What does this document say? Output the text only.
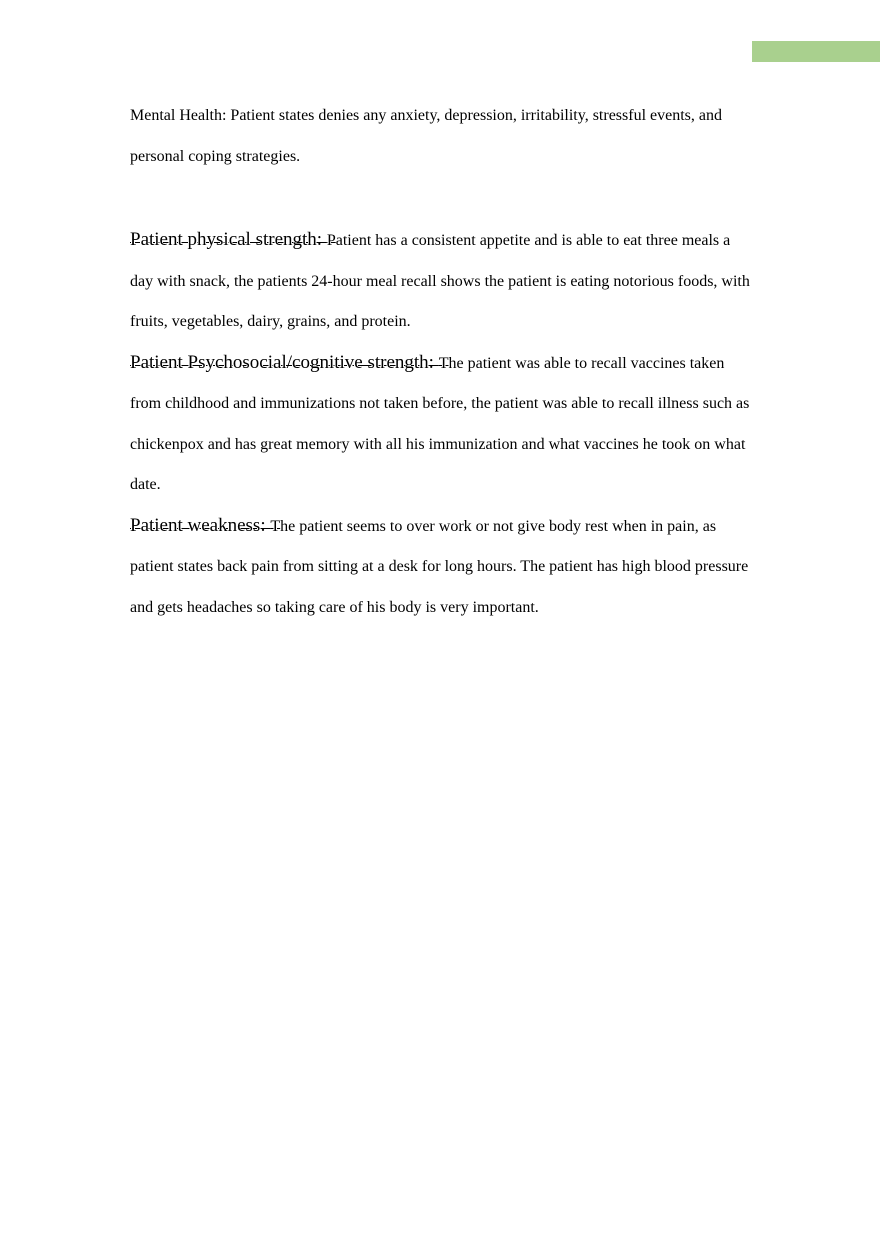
Mental Health: Patient states denies any anxiety, depression, irritability, stressful events, and personal coping strategies.

Patient physical strength: Patient has a consistent appetite and is able to eat three meals a day with snack, the patients 24-hour meal recall shows the patient is eating notorious foods, with fruits, vegetables, dairy, grains, and protein.

Patient Psychosocial/cognitive strength: The patient was able to recall vaccines taken from childhood and immunizations not taken before, the patient was able to recall illness such as chickenpox and has great memory with all his immunization and what vaccines he took on what date.

Patient weakness: The patient seems to over work or not give body rest when in pain, as patient states back pain from sitting at a desk for long hours. The patient has high blood pressure and gets headaches so taking care of his body is very important.
